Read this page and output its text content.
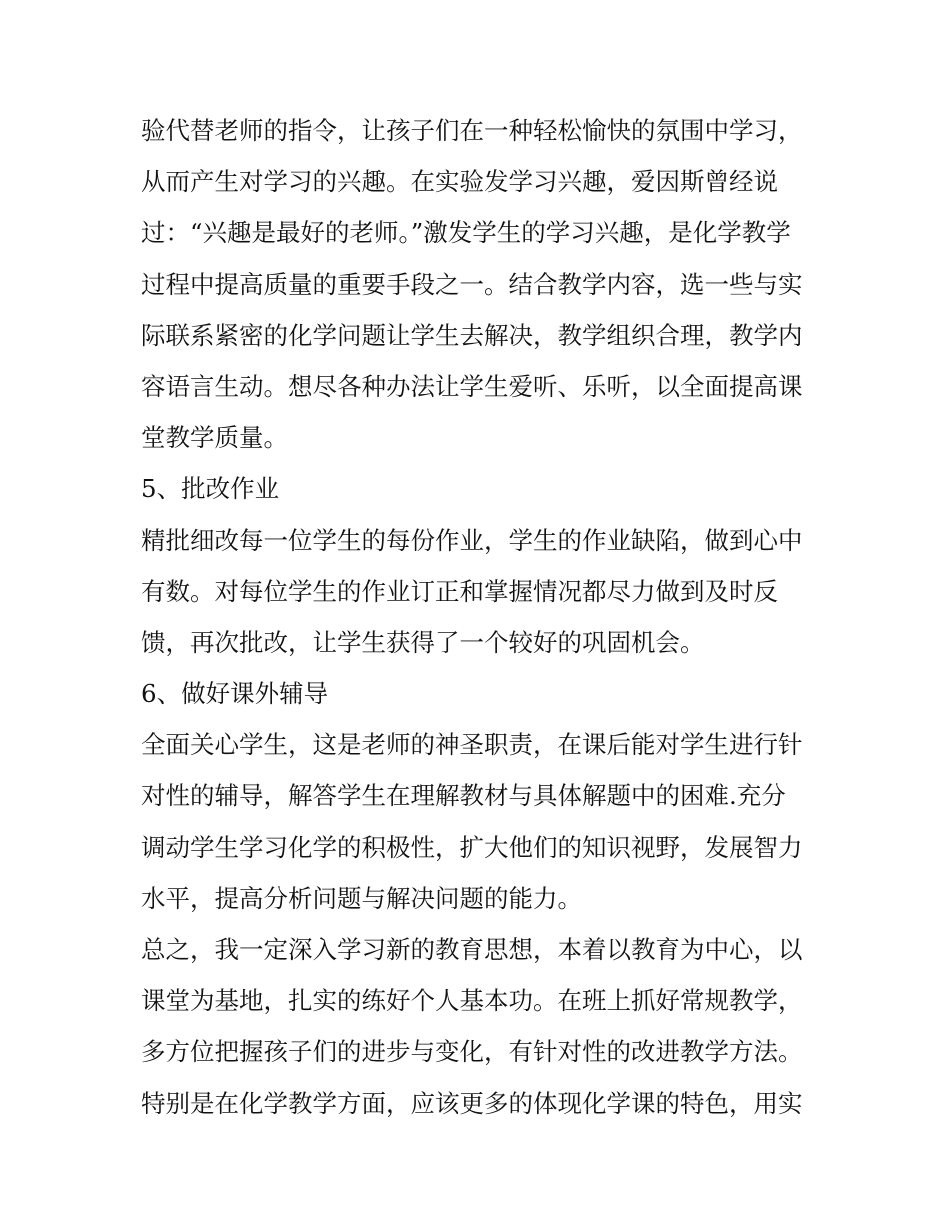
验代替老师的指令，让孩子们在一种轻松愉快的氛围中学习，
从而产生对学习的兴趣。在实验发学习兴趣，爱因斯曾经说
过：“兴趣是最好的老师。”激发学生的学习兴趣，是化学教学
过程中提高质量的重要手段之一。结合教学内容，选一些与实
际联系紧密的化学问题让学生去解决，教学组织合理，教学内
容语言生动。想尽各种办法让学生爱听、乐听，以全面提高课
堂教学质量。
5、批改作业
精批细改每一位学生的每份作业，学生的作业缺陷，做到心中
有数。对每位学生的作业订正和掌握情况都尽力做到及时反
馈，再次批改，让学生获得了一个较好的巩固机会。
6、做好课外辅导
全面关心学生，这是老师的神圣职责，在课后能对学生进行针
对性的辅导，解答学生在理解教材与具体解题中的困难.充分
调动学生学习化学的积极性，扩大他们的知识视野，发展智力
水平，提高分析问题与解决问题的能力。
总之，我一定深入学习新的教育思想，本着以教育为中心，以
课堂为基地，扎实的练好个人基本功。在班上抓好常规教学，
多方位把握孩子们的进步与变化，有针对性的改进教学方法。
特别是在化学教学方面，应该更多的体现化学课的特色，用实
